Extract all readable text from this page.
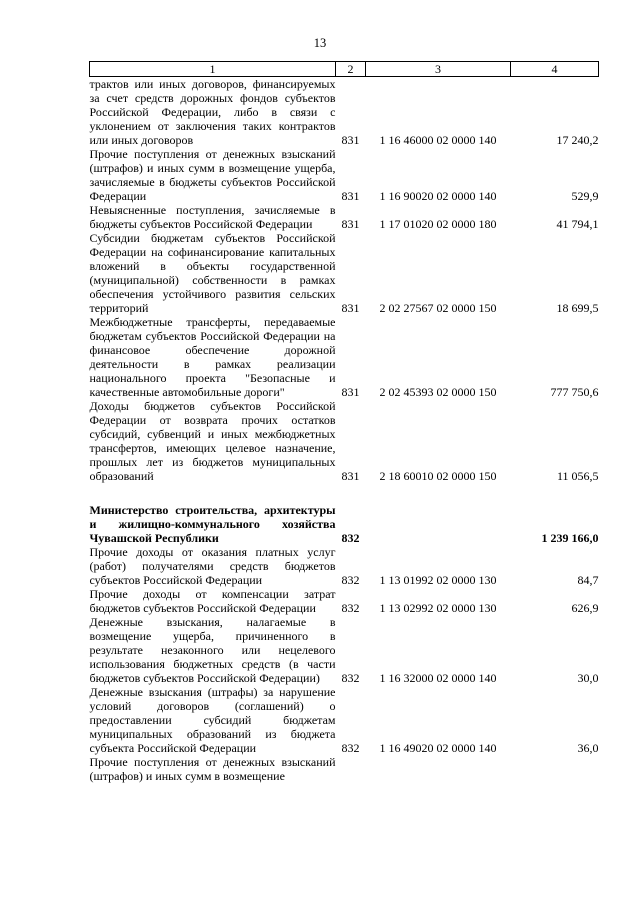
13
1	2	3	4
трактов или иных договоров, финансируемых за счет средств дорожных фондов субъектов Российской Федерации, либо в связи с уклонением от заключения таких контрактов или иных договоров	831	1 16 46000 02 0000 140	17 240,2
Прочие поступления от денежных взысканий (штрафов) и иных сумм в возмещение ущерба, зачисляемые в бюджеты субъектов Российской Федерации	831	1 16 90020 02 0000 140	529,9
Невыясненные поступления, зачисляемые в бюджеты субъектов Российской Федерации	831	1 17 01020 02 0000 180	41 794,1
Субсидии бюджетам субъектов Российской Федерации на софинансирование капитальных вложений в объекты государственной (муниципальной) собственности в рамках обеспечения устойчивого развития сельских территорий	831	2 02 27567 02 0000 150	18 699,5
Межбюджетные трансферты, передаваемые бюджетам субъектов Российской Федерации на финансовое обеспечение дорожной деятельности в рамках реализации национального проекта "Безопасные и качественные автомобильные дороги"	831	2 02 45393 02 0000 150	777 750,6
Доходы бюджетов субъектов Российской Федерации от возврата прочих остатков субсидий, субвенций и иных межбюджетных трансфертов, имеющих целевое назначение, прошлых лет из бюджетов муниципальных образований	831	2 18 60010 02 0000 150	11 056,5
Министерство строительства, архитектуры и жилищно-коммунального хозяйства Чувашской Республики	832		1 239 166,0
Прочие доходы от оказания платных услуг (работ) получателями средств бюджетов субъектов Российской Федерации	832	1 13 01992 02 0000 130	84,7
Прочие доходы от компенсации затрат бюджетов субъектов Российской Федерации	832	1 13 02992 02 0000 130	626,9
Денежные взыскания, налагаемые в возмещение ущерба, причиненного в результате незаконного или нецелевого использования бюджетных средств (в части бюджетов субъектов Российской Федерации)	832	1 16 32000 02 0000 140	30,0
Денежные взыскания (штрафы) за нарушение условий договоров (соглашений) о предоставлении субсидий бюджетам муниципальных образований из бюджета субъекта Российской Федерации	832	1 16 49020 02 0000 140	36,0
Прочие поступления от денежных взысканий (штрафов) и иных сумм в возмещение			
